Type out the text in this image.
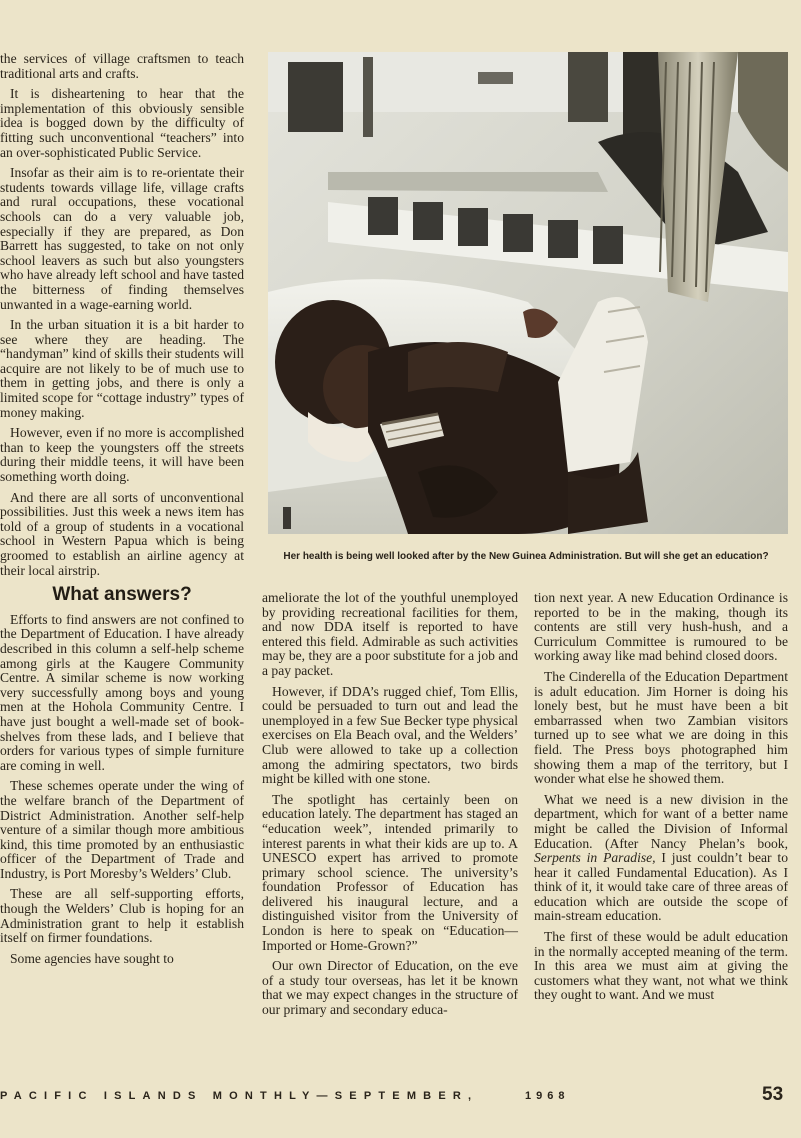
the services of village craftsmen to teach traditional arts and crafts.

It is disheartening to hear that the implementation of this obviously sensible idea is bogged down by the difficulty of fitting such unconventional “teachers” into an over-sophisticated Public Service.

Insofar as their aim is to re-orientate their students towards village life, village crafts and rural occupations, these vocational schools can do a very valuable job, especially if they are prepared, as Don Barrett has suggested, to take on not only school leavers as such but also youngsters who have already left school and have tasted the bitterness of finding themselves unwanted in a wage-earning world.

In the urban situation it is a bit harder to see where they are heading. The “handyman” kind of skills their students will acquire are not likely to be of much use to them in getting jobs, and there is only a limited scope for “cottage industry” types of money making.

However, even if no more is accomplished than to keep the youngsters off the streets during their middle teens, it will have been something worth doing.

And there are all sorts of unconventional possibilities. Just this week a news item has told of a group of students in a vocational school in Western Papua which is being groomed to establish an airline agency at their local airstrip.

What answers?

Efforts to find answers are not confined to the Department of Education. I have already described in this column a self-help scheme among girls at the Kaugere Community Centre. A similar scheme is now working very successfully among boys and young men at the Hohola Community Centre. I have just bought a well-made set of book-shelves from these lads, and I believe that orders for various types of simple furniture are coming in well.

These schemes operate under the wing of the welfare branch of the Department of District Administration. Another self-help venture of a similar though more ambitious kind, this time promoted by an enthusiastic officer of the Department of Trade and Industry, is Port Moresby’s Welders’ Club.

These are all self-supporting efforts, though the Welders’ Club is hoping for an Administration grant to help it establish itself on firmer foundations.

Some agencies have sought to

Her health is being well looked after by the New Guinea Administration. But will she get an education?

ameliorate the lot of the youthful unemployed by providing recreational facilities for them, and now DDA itself is reported to have entered this field. Admirable as such activities may be, they are a poor substitute for a job and a pay packet.

However, if DDA’s rugged chief, Tom Ellis, could be persuaded to turn out and lead the unemployed in a few Sue Becker type physical exercises on Ela Beach oval, and the Welders’ Club were allowed to take up a collection among the admiring spectators, two birds might be killed with one stone.

The spotlight has certainly been on education lately. The department has staged an “education week”, intended primarily to interest parents in what their kids are up to. A UNESCO expert has arrived to promote primary school science. The university’s foundation Professor of Education has delivered his inaugural lecture, and a distinguished visitor from the University of London is here to speak on “Education—Imported or Home-Grown?”

Our own Director of Education, on the eve of a study tour overseas, has let it be known that we may expect changes in the structure of our primary and secondary educa-

tion next year. A new Education Ordinance is reported to be in the making, though its contents are still very hush-hush, and a Curriculum Committee is rumoured to be working away like mad behind closed doors.

The Cinderella of the Education Department is adult education. Jim Horner is doing his lonely best, but he must have been a bit embarrassed when two Zambian visitors turned up to see what we are doing in this field. The Press boys photographed him showing them a map of the territory, but I wonder what else he showed them.

What we need is a new division in the department, which for want of a better name might be called the Division of Informal Education. (After Nancy Phelan’s book, Serpents in Paradise, I just couldn’t bear to hear it called Fundamental Education). As I think of it, it would take care of three areas of education which are outside the scope of main-stream education.

The first of these would be adult education in the normally accepted meaning of the term. In this area we must aim at giving the customers what they want, not what we think they ought to want. And we must

PACIFIC ISLANDS MONTHLY—SEPTEMBER,	1968	53
